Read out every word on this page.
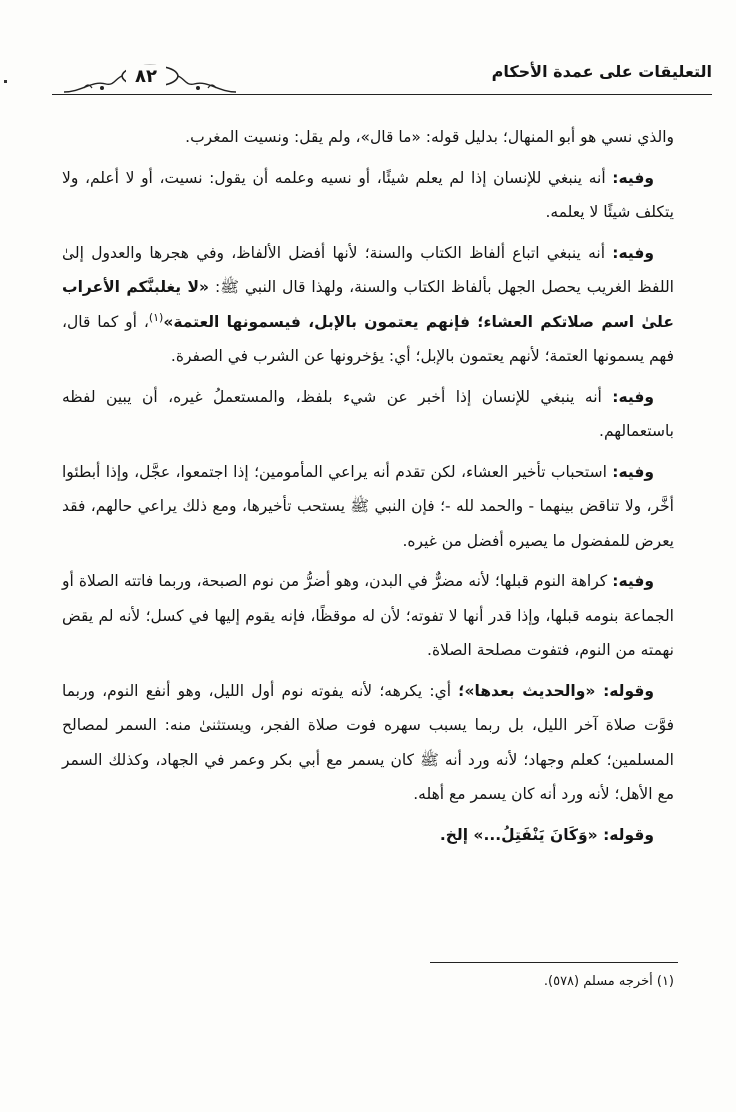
التعليقات على عمدة الأحكام
٨٢

والذي نسي هو أبو المنهال؛ بدليل قوله: «ما قال»، ولم يقل: ونسيت المغرب.

وفيه: أنه ينبغي للإنسان إذا لم يعلم شيئًا، أو نسيه وعلمه أن يقول: نسيت، أو لا أعلم، ولا يتكلف شيئًا لا يعلمه.

وفيه: أنه ينبغي اتباع ألفاظ الكتاب والسنة؛ لأنها أفضل الألفاظ، وفي هجرها والعدول إلىٰ اللفظ الغريب يحصل الجهل بألفاظ الكتاب والسنة، ولهذا قال النبي ﷺ: «لا يغلبنَّكم الأعراب علىٰ اسم صلاتكم العشاء؛ فإنهم يعتمون بالإبل، فيسمونها العتمة»$^{(١)}$، أو كما قال، فهم يسمونها العتمة؛ لأنهم يعتمون بالإبل؛ أي: يؤخرونها عن الشرب في الصفرة.

وفيه: أنه ينبغي للإنسان إذا أخبر عن شيء بلفظ، والمستعملُ غيره، أن يبين لفظه باستعمالهم.

وفيه: استحباب تأخير العشاء، لكن تقدم أنه يراعي المأمومين؛ إذا اجتمعوا، عجَّل، وإذا أبطئوا أخَّر، ولا تناقض بينهما - والحمد لله -؛ فإن النبي ﷺ يستحب تأخيرها، ومع ذلك يراعي حالهم، فقد يعرض للمفضول ما يصيره أفضل من غيره.

وفيه: كراهة النوم قبلها؛ لأنه مضرٌّ في البدن، وهو أضرُّ من نوم الصبحة، وربما فاتته الصلاة أو الجماعة بنومه قبلها، وإذا قدر أنها لا تفوته؛ لأن له موقظًا، فإنه يقوم إليها في كسل؛ لأنه لم يقض نهمته من النوم، فتفوت مصلحة الصلاة.

وقوله: «والحديث بعدها»؛ أي: يكرهه؛ لأنه يفوته نوم أول الليل، وهو أنفع النوم، وربما فوَّت صلاة آخر الليل، بل ربما يسبب سهره فوت صلاة الفجر، ويستثنىٰ منه: السمر لمصالح المسلمين؛ كعلم وجهاد؛ لأنه ورد أنه ﷺ كان يسمر مع أبي بكر وعمر في الجهاد، وكذلك السمر مع الأهل؛ لأنه ورد أنه كان يسمر مع أهله.

وقوله: «وَكَانَ يَنْفَتِلُ...» إلخ.

(١) أخرجه مسلم (٥٧٨).
